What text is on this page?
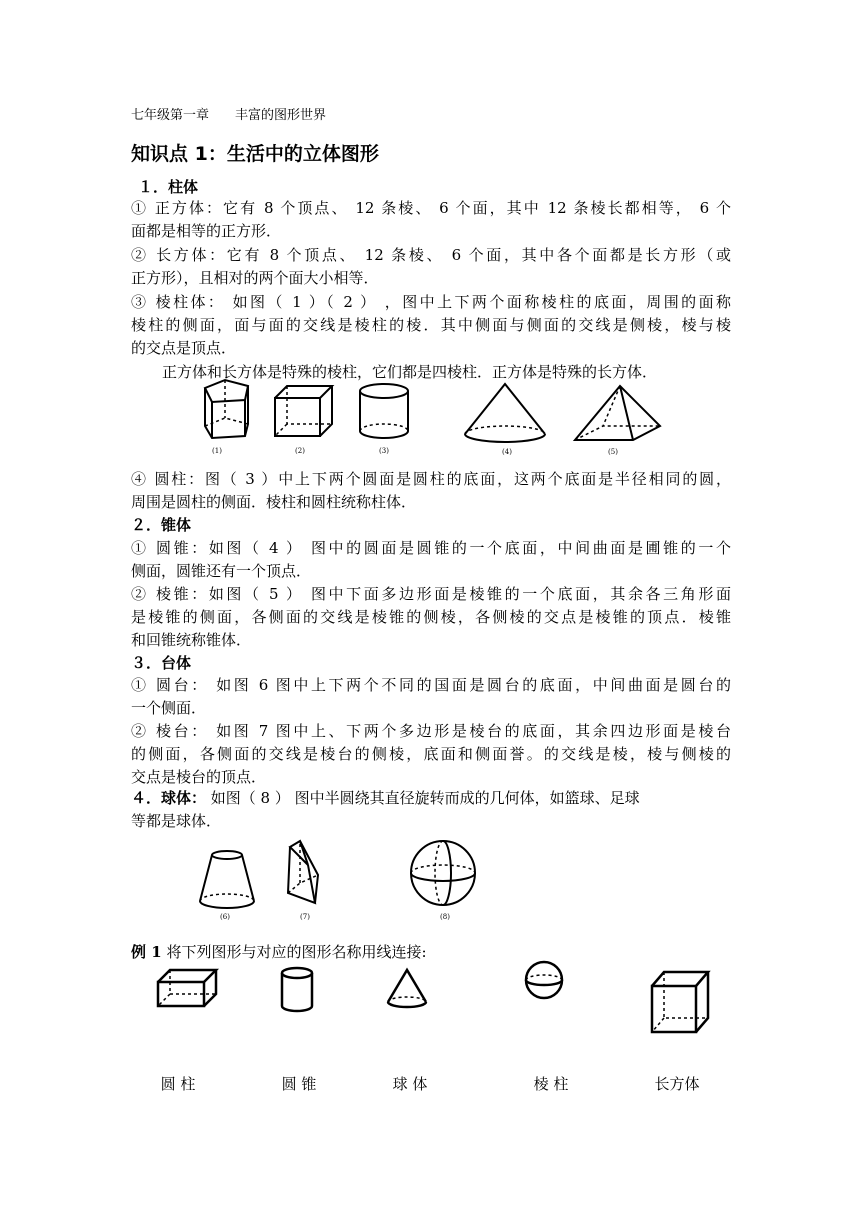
七年级第一章　　丰富的图形世界
知识点 1：生活中的立体图形
１．柱体
① 正方体：它有 8 个顶点、 12 条棱、 6 个面，其中 12 条棱长都相等， 6 个
面都是相等的正方形．
② 长方体：它有 8 个顶点、 12 条棱、 6 个面，其中各个面都是长方形（或
正方形），且相对的两个面大小相等．
③ 棱柱体： 如图（ 1 ）（ 2 ） ，图中上下两个面称棱柱的底面，周围的面称
棱柱的侧面，面与面的交线是棱柱的棱．其中侧面与侧面的交线是侧棱，棱与棱
的交点是顶点．
正方体和长方体是特殊的棱柱，它们都是四棱柱．正方体是特殊的长方体．
(1)	(2)	(3)	(4)	(5)
④ 圆柱：图（ 3 ）中上下两个圆面是圆柱的底面，这两个底面是半径相同的圆，
周围是圆柱的侧面．棱柱和圆柱统称柱体．
２．锥体
① 圆锥：如图（ 4 ） 图中的圆面是圆锥的一个底面，中间曲面是圃锥的一个
侧面，圆锥还有一个顶点．
② 棱锥：如图（ 5 ） 图中下面多边形面是棱锥的一个底面，其余各三角形面
是棱锥的侧面，各侧面的交线是棱锥的侧棱，各侧棱的交点是棱锥的顶点．棱锥
和回锥统称锥体．
３．台体
① 圆台： 如图 6 图中上下两个不同的国面是圆台的底面，中间曲面是圆台的
一个侧面．
② 棱台： 如图 7 图中上、下两个多边形是棱台的底面，其余四边形面是棱台
的侧面，各侧面的交线是棱台的侧棱，底面和侧面誉。的交线是棱，棱与侧棱的
交点是棱台的顶点．
４．球体： 如图（ 8 ） 图中半圆绕其直径旋转而成的几何体，如篮球、足球
等都是球体．
(6)	(7)	(8)
例 1 将下列图形与对应的图形名称用线连接:
圆 柱	圆 锥	球 体	棱 柱	长方体
